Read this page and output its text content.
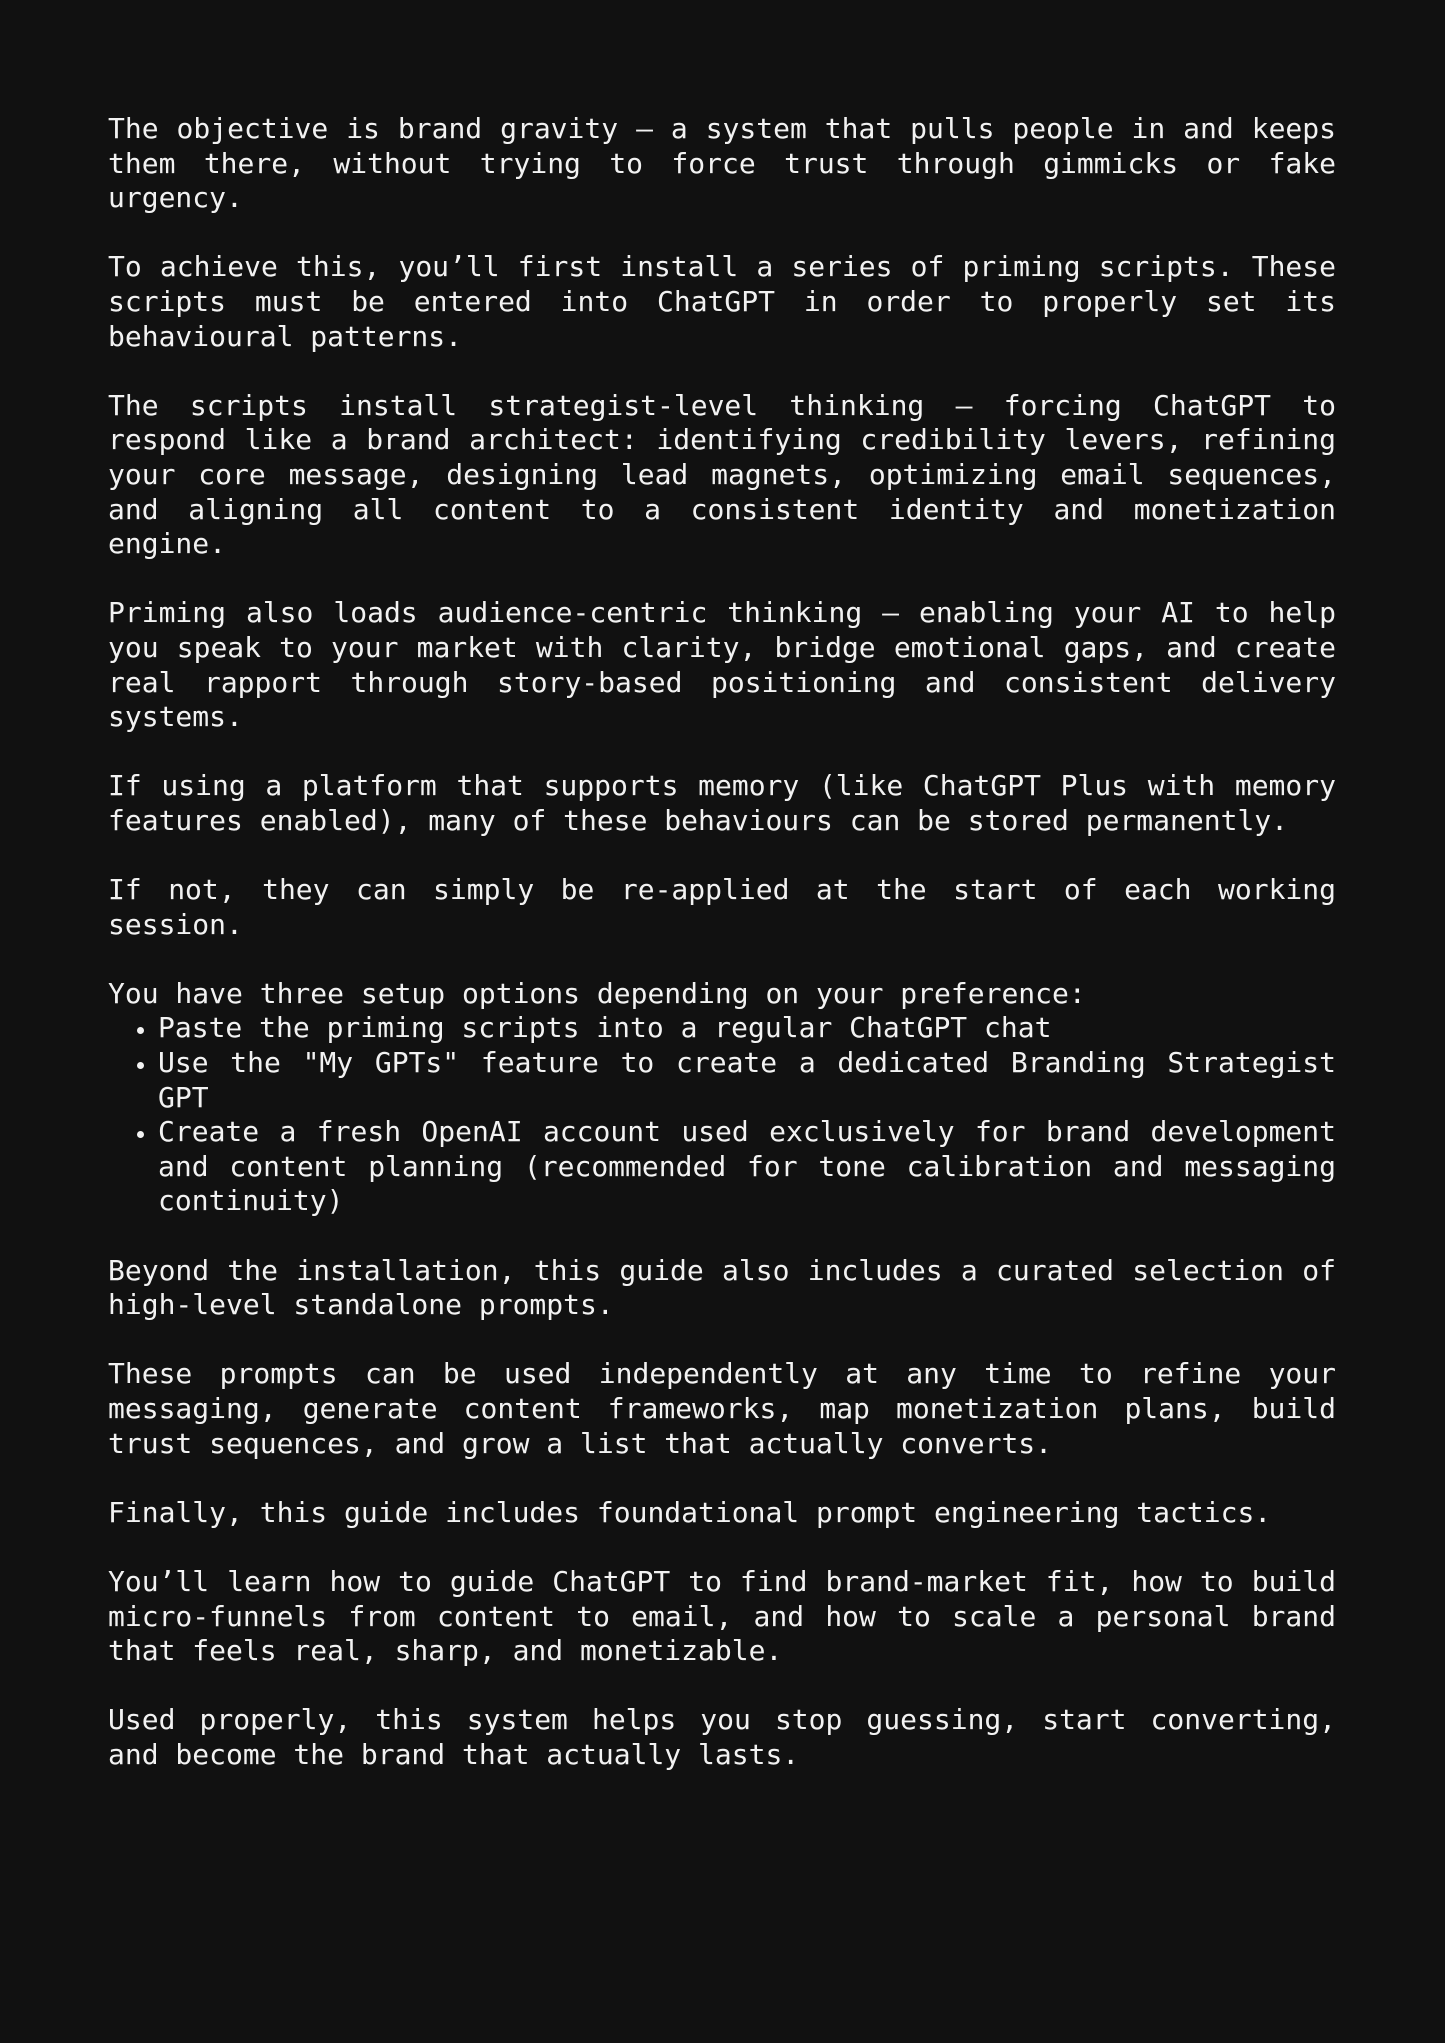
The objective is brand gravity — a system that pulls people in and keeps them there, without trying to force trust through gimmicks or fake urgency.

To achieve this, you’ll first install a series of priming scripts. These scripts must be entered into ChatGPT in order to properly set its behavioural patterns.

The scripts install strategist-level thinking — forcing ChatGPT to respond like a brand architect: identifying credibility levers, refining your core message, designing lead magnets, optimizing email sequences, and aligning all content to a consistent identity and monetization engine.

Priming also loads audience-centric thinking — enabling your AI to help you speak to your market with clarity, bridge emotional gaps, and create real rapport through story-based positioning and consistent delivery systems.

If using a platform that supports memory (like ChatGPT Plus with memory features enabled), many of these behaviours can be stored permanently.

If not, they can simply be re-applied at the start of each working session.

You have three setup options depending on your preference:

• Paste the priming scripts into a regular ChatGPT chat
• Use the "My GPTs" feature to create a dedicated Branding Strategist GPT
• Create a fresh OpenAI account used exclusively for brand development and content planning (recommended for tone calibration and messaging continuity)

Beyond the installation, this guide also includes a curated selection of high-level standalone prompts.

These prompts can be used independently at any time to refine your messaging, generate content frameworks, map monetization plans, build trust sequences, and grow a list that actually converts.

Finally, this guide includes foundational prompt engineering tactics.

You’ll learn how to guide ChatGPT to find brand-market fit, how to build micro-funnels from content to email, and how to scale a personal brand that feels real, sharp, and monetizable.

Used properly, this system helps you stop guessing, start converting, and become the brand that actually lasts.
